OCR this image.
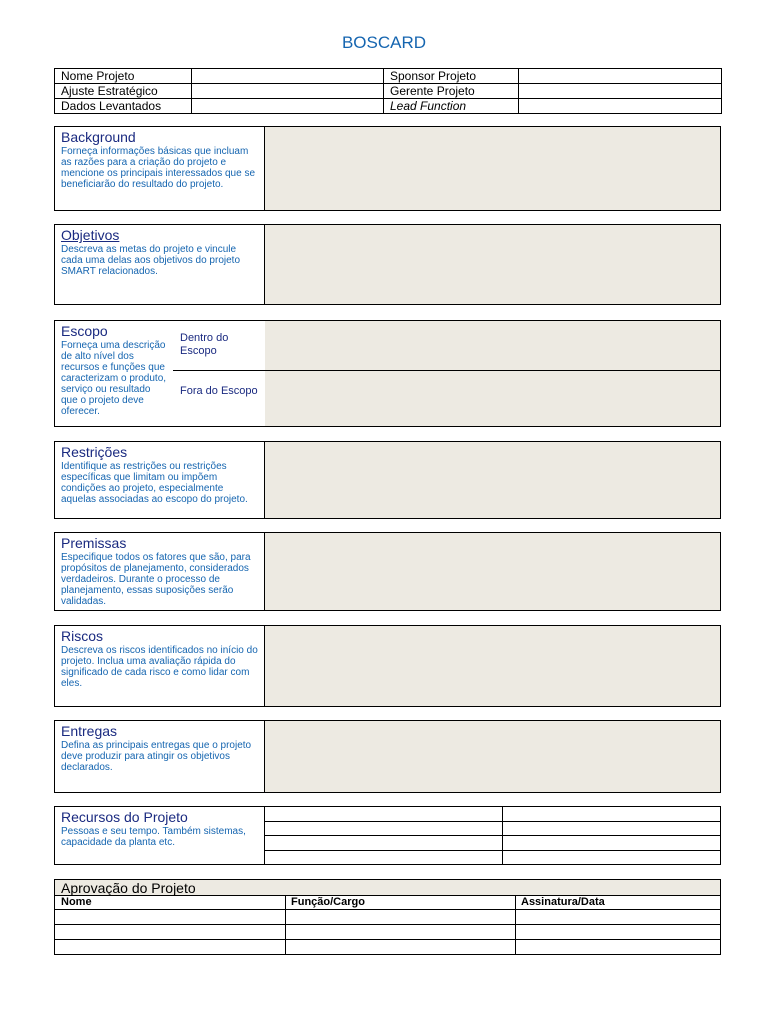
BOSCARD
Nome Projeto		Sponsor Projeto	
Ajuste Estratégico		Gerente Projeto	
Dados Levantados		Lead Function	
Background
Forneça informações básicas que incluam as razões para a criação do projeto e mencione os principais interessados que se beneficiarão do resultado do projeto.
Objetivos
Descreva as metas do projeto e vincule cada uma delas aos objetivos do projeto SMART relacionados.
Escopo
Forneça uma descrição de alto nível dos recursos e funções que caracterizam o produto, serviço ou resultado que o projeto deve oferecer.
Dentro do Escopo
Fora do Escopo
Restrições
Identifique as restrições ou restrições específicas que limitam ou impõem condições ao projeto, especialmente aquelas associadas ao escopo do projeto.
Premissas
Especifique todos os fatores que são, para propósitos de planejamento, considerados verdadeiros. Durante o processo de planejamento, essas suposições serão validadas.
Riscos
Descreva os riscos identificados no início do projeto. Inclua uma avaliação rápida do significado de cada risco e como lidar com eles.
Entregas
Defina as principais entregas que o projeto deve produzir para atingir os objetivos declarados.
Recursos do Projeto
Pessoas e seu tempo. Também sistemas, capacidade da planta etc.
Aprovação do Projeto
Nome	Função/Cargo	Assinatura/Data
